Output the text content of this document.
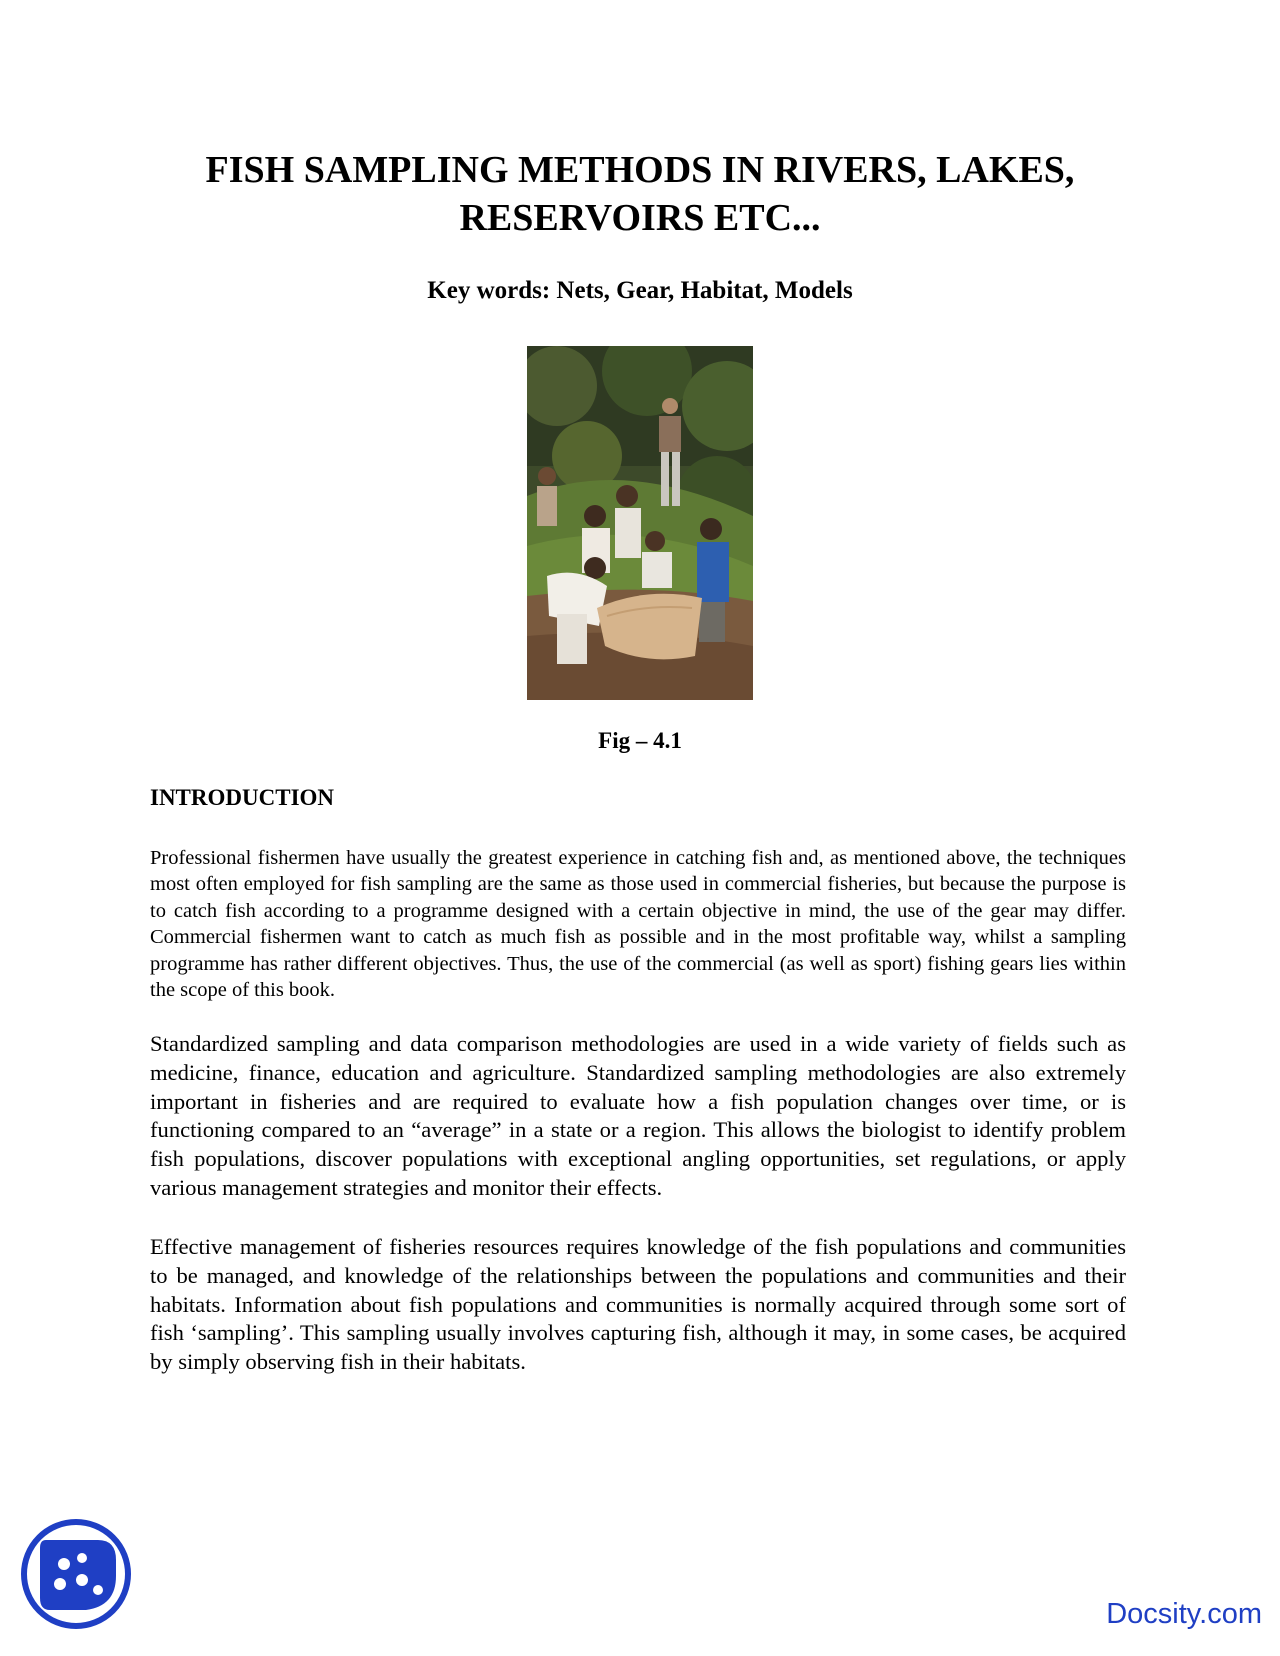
FISH SAMPLING METHODS IN RIVERS, LAKES,
RESERVOIRS ETC...
Key words: Nets, Gear, Habitat, Models
Fig – 4.1
INTRODUCTION

Professional fishermen have usually the greatest experience in catching fish and, as mentioned above, the techniques most often employed for fish sampling are the same as those used in commercial fisheries, but because the purpose is to catch fish according to a programme designed with a certain objective in mind, the use of the gear may differ. Commercial fishermen want to catch as much fish as possible and in the most profitable way, whilst a sampling programme has rather different objectives. Thus, the use of the commercial (as well as sport) fishing gears lies within the scope of this book.

Standardized sampling and data comparison methodologies are used in a wide variety of fields such as medicine, finance, education and agriculture. Standardized sampling methodologies are also extremely important in fisheries and are required to evaluate how a fish population changes over time, or is functioning compared to an “average” in a state or a region. This allows the biologist to identify problem fish populations, discover populations with exceptional angling opportunities, set regulations, or apply various management strategies and monitor their effects.

Effective management of fisheries resources requires knowledge of the fish populations and communities to be managed, and knowledge of the relationships between the populations and communities and their habitats. Information about fish populations and communities is normally acquired through some sort of fish ‘sampling’. This sampling usually involves capturing fish, although it may, in some cases, be acquired by simply observing fish in their habitats.

Docsity.com
